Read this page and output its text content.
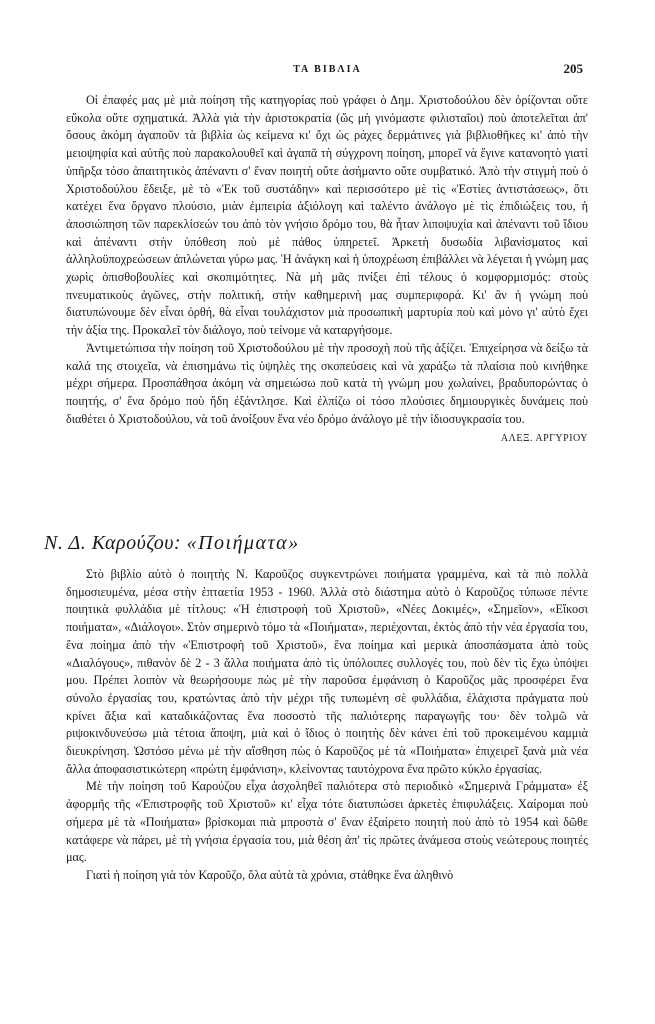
ΤΑ ΒΙΒΛΙΑ	205

Οἱ ἐπαφές μας μὲ μιὰ ποίηση τῆς κατηγορίας ποὺ γράφει ὁ Δημ. Χριστοδούλου δὲν ὁρίζονται οὔτε εὔκολα οὔτε σχηματικά. Ἀλλὰ γιὰ τὴν ἀριστοκρατία (ὥς μὴ γινόμαστε φιλισταῖοι) ποὺ ἀποτελεῖται ἀπ' ὅσους ἀκόμη ἀγαποῦν τὰ βιβλία ὡς κείμενα κι' ὄχι ὡς ράχες δερμάτινες γιὰ βιβλιοθῆκες κι' ἀπὸ τὴν μειοψηφία καὶ αὐτῆς ποὺ παρακολουθεῖ καὶ ἀγαπᾶ τὴ σύγχρονη ποίηση, μπορεῖ νὰ ἔγινε κατανοητὸ γιατί ὑπῆρξα τόσο ἀπαιτητικὸς ἀπέναντι σ' ἕναν ποιητὴ οὔτε ἀσήμαντο οὔτε συμβατικό. Ἀπὸ τὴν στιγμὴ ποὺ ὁ Χριστοδούλου ἔδειξε, μὲ τὸ «Ἐκ τοῦ συστάδην» καὶ περισσότερο μὲ τὶς «Ἑστίες ἀντιστάσεως», ὅτι κατέχει ἕνα ὄργανο πλούσιο, μιὰν ἐμπειρία ἀξιόλογη καὶ ταλέντο ἀνάλογο μὲ τὶς ἐπιδιώξεις του, ἡ ἀποσιώπηση τῶν παρεκλίσεών του ἀπὸ τὸν γνήσιο δρόμο του, θὰ ἦταν λιποψυχία καὶ ἀπέναντι τοῦ ἴδιου καὶ ἀπέναντι στὴν ὑπόθεση ποὺ μὲ πάθος ὑπηρετεῖ. Ἀρκετὴ δυσωδία λιβανίσματος καὶ ἀλληλοϋποχρεώσεων ἁπλώνεται γύρω μας. Ἡ ἀνάγκη καὶ ἡ ὑποχρέωση ἐπιβάλλει νὰ λέγεται ἡ γνώμη μας χωρὶς ὀπισθοβουλίες καὶ σκοπιμότητες. Νὰ μὴ μᾶς πνίξει ἐπὶ τέλους ὁ κομφορμισμός: στοὺς πνευματικοὺς ἀγῶνες, στὴν πολιτική, στὴν καθημερινὴ μας συμπεριφορά. Κι' ἂν ἡ γνώμη ποὺ διατυπώνουμε δὲν εἶναι ὀρθή, θὰ εἶναι τουλάχιστον μιὰ προσωπικὴ μαρτυρία ποὺ καὶ μόνο γι' αὐτὸ ἔχει τὴν ἀξία της. Προκαλεῖ τὸν διάλογο, ποὺ τείνομε νὰ καταργήσομε.

Ἀντιμετώπισα τὴν ποίηση τοῦ Χριστοδούλου μὲ τὴν προσοχὴ ποὺ τῆς ἀξίζει. Ἐπιχείρησα νὰ δείξω τὰ καλά της στοιχεῖα, νὰ ἐπισημάνω τὶς ὑψηλὲς της σκοπεύσεις καὶ νὰ χαράξω τὰ πλαίσια ποὺ κινήθηκε μέχρι σήμερα. Προσπάθησα ἀκόμη νὰ σημειώσω ποῦ κατὰ τὴ γνώμη μου χωλαίνει, βραδυπορώντας ὁ ποιητής, σ' ἕνα δρόμο ποὺ ἤδη ἐξάντλησε. Καὶ ἐλπίζω οἱ τόσο πλούσιες δημιουργικὲς δυνάμεις ποὺ διαθέτει ὁ Χριστοδούλου, νὰ τοῦ ἀνοίξουν ἕνα νέο δρόμο ἀνάλογο μὲ τὴν ἰδιοσυγκρασία του.

ΑΛΕΞ. ΑΡΓΥΡΙΟΥ

Ν. Δ. Καρούζου: «Ποιήματα»

Στὸ βιβλίο αὐτὸ ὁ ποιητὴς Ν. Καροῦζος συγκεντρώνει ποιήματα γραμμένα, καὶ τὰ πιὸ πολλὰ δημοσιευμένα, μέσα στὴν ἑπταετία 1953 - 1960. Ἀλλὰ στὸ διάστημα αὐτὸ ὁ Καροῦζος τύπωσε πέντε ποιητικὰ φυλλάδια μὲ τίτλους: «Ἡ ἐπιστροφὴ τοῦ Χριστοῦ», «Νέες Δοκιμές», «Σημεῖον», «Εἴκοσι ποιήματα», «Διάλογοι». Στὸν σημερινὸ τόμο τὰ «Ποιήματα», περιέχονται, ἐκτὸς ἀπὸ τὴν νέα ἐργασία του, ἕνα ποίημα ἀπὸ τὴν «Ἐπιστροφὴ τοῦ Χριστοῦ», ἕνα ποίημα καὶ μερικὰ ἀποσπάσματα ἀπὸ τοὺς «Διαλόγους», πιθανὸν δὲ 2 - 3 ἄλλα ποιήματα ἀπὸ τὶς ὑπόλοιπες συλλογές του, ποὺ δὲν τὶς ἔχω ὑπόψει μου. Πρέπει λοιπὸν νὰ θεωρήσουμε πὼς μὲ τὴν παροῦσα ἐμφάνιση ὁ Καροῦζος μᾶς προσφέρει ἕνα σύνολο ἐργασίας του, κρατώντας ἀπὸ τὴν μέχρι τῆς τυπωμένη σὲ φυλλάδια, ἐλάχιστα πράγματα ποὺ κρίνει ἄξια καὶ καταδικάζοντας ἕνα ποσοστὸ τῆς παλιότερης παραγωγῆς του· δὲν τολμῶ νὰ ριψοκινδυνεύσω μιὰ τέτοια ἄποψη, μιὰ καὶ ὁ ἴδιος ὁ ποιητὴς δὲν κάνει ἐπὶ τοῦ προκειμένου καμμιὰ διευκρίνηση. Ὡστόσο μένω μὲ τὴν αἴσθηση πὼς ὁ Καροῦζος μὲ τὰ «Ποιήματα» ἐπιχειρεῖ ξανὰ μιὰ νέα ἄλλα ἀποφασιστικώτερη «πρώτη ἐμφάνιση», κλείνοντας ταυτόχρονα ἕνα πρῶτο κύκλο ἐργασίας.

Μὲ τὴν ποίηση τοῦ Καρούζου εἶχα ἀσχοληθεῖ παλιότερα στὸ περιοδικὸ «Σημερινὰ Γράμματα» ἐξ ἀφορμῆς τῆς «Ἐπιστροφῆς τοῦ Χριστοῦ» κι' εἶχα τότε διατυπώσει ἀρκετὲς ἐπιφυλάξεις. Χαίρομαι ποὺ σήμερα μὲ τὰ «Ποιήματα» βρίσκομαι πιὰ μπροστὰ σ' ἕναν ἐξαίρετο ποιητὴ ποὺ ἀπὸ τὸ 1954 καὶ δῶθε κατάφερε νὰ πάρει, μὲ τὴ γνήσια ἐργασία του, μιὰ θέση ἀπ' τὶς πρῶτες ἀνάμεσα στοὺς νεώτερους ποιητές μας.

Γιατὶ ἡ ποίηση γιὰ τὸν Καροῦζο, ὅλα αὐτὰ τὰ χρόνια, στάθηκε ἕνα ἀληθινὸ
